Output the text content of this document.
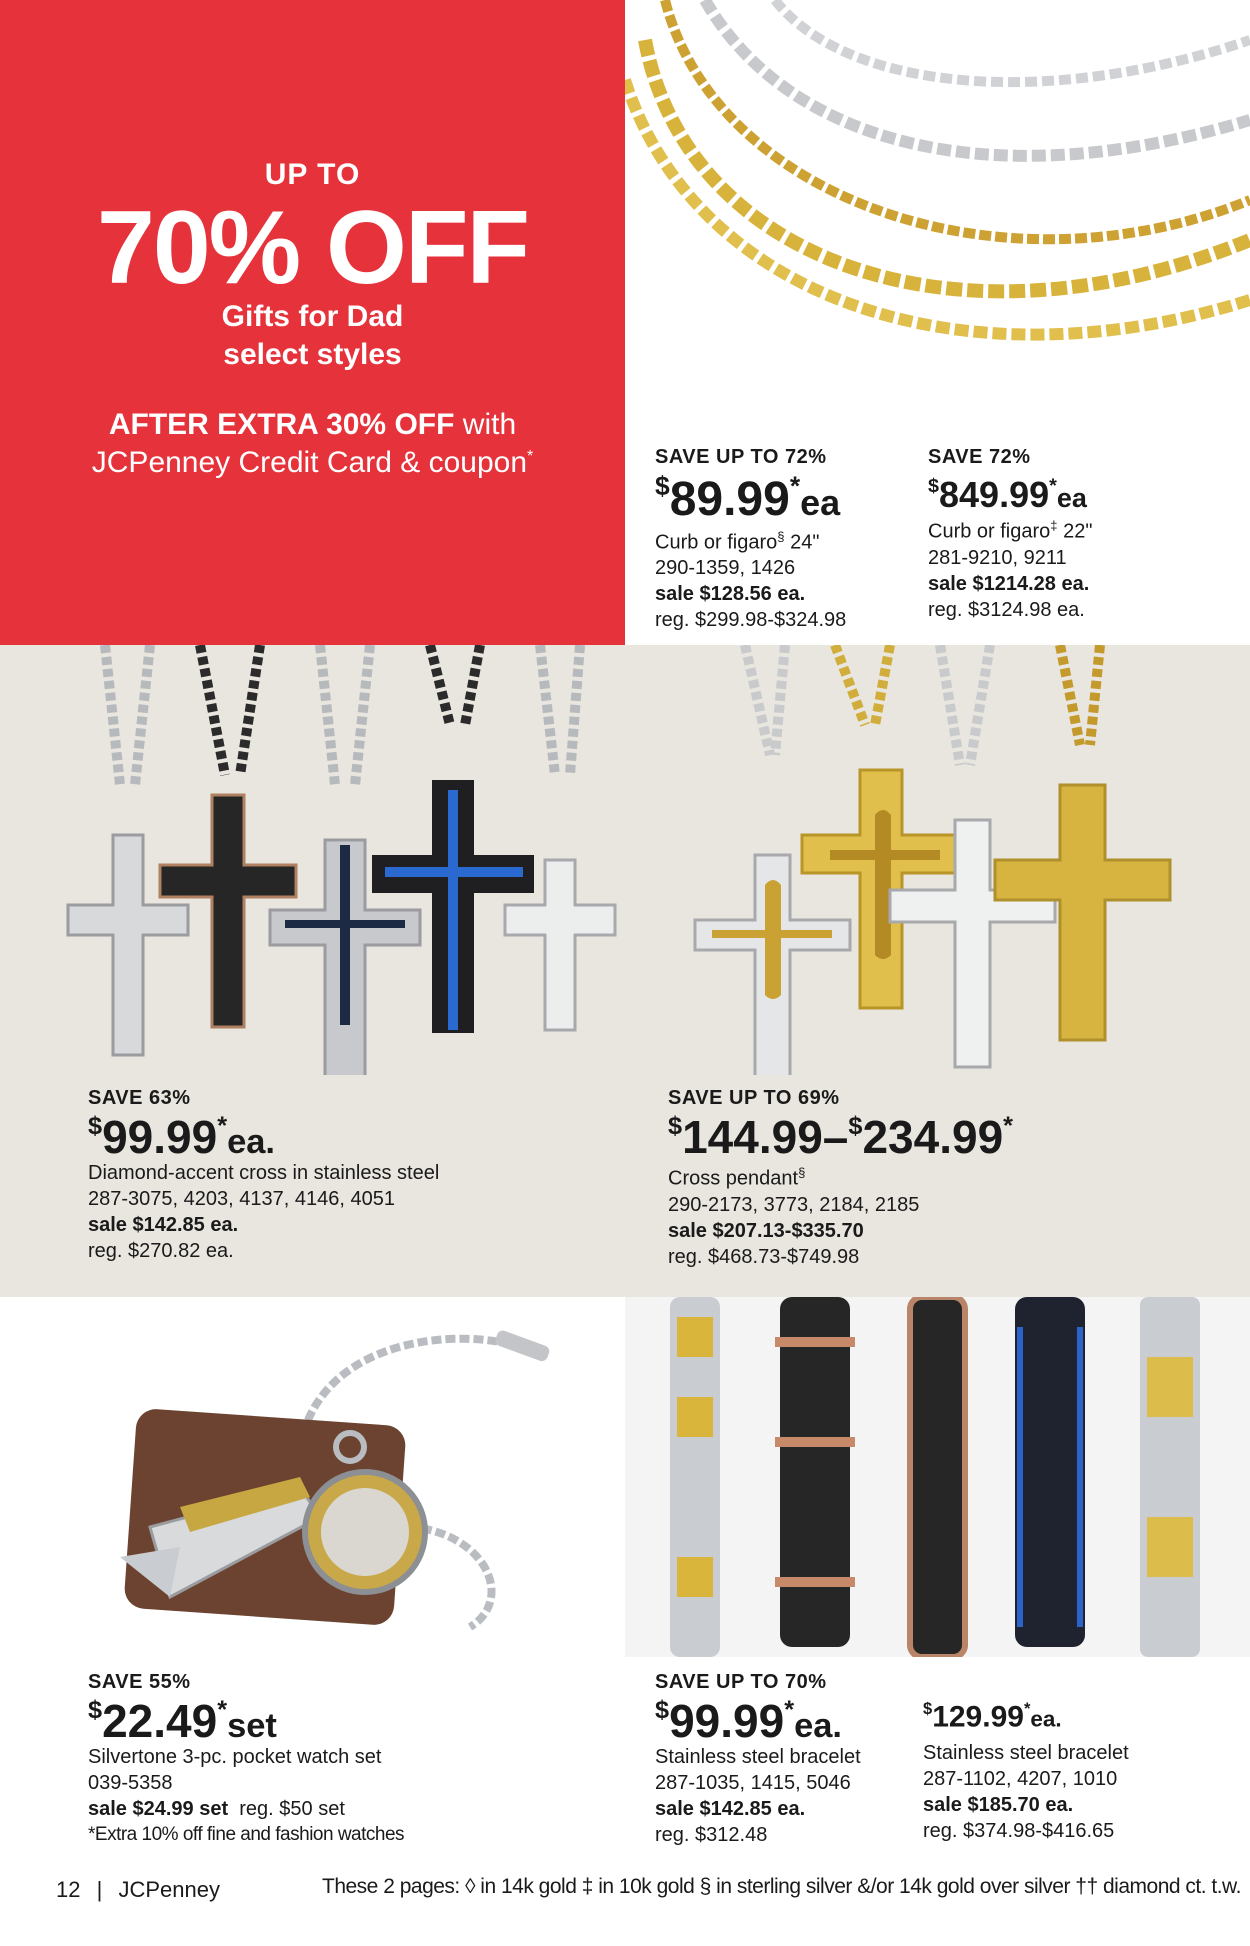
UP TO
70% OFF
Gifts for Dad
select styles
AFTER EXTRA 30% OFF with
JCPenney Credit Card & coupon*	SAVE UP TO 72%
$89.99*ea
Curb or figaro§ 24"
290-1359, 1426
sale $128.56 ea.
reg. $299.98-$324.98
SAVE 72%
$849.99*ea
Curb or figaro‡ 22"
281-9210, 9211
sale $1214.28 ea.
reg. $3124.98 ea.
SAVE 63%
$99.99*ea.
Diamond-accent cross in stainless steel
287-3075, 4203, 4137, 4146, 4051
sale $142.85 ea.
reg. $270.82 ea.
SAVE UP TO 69%
$144.99–$234.99*
Cross pendant§
290-2173, 3773, 2184, 2185
sale $207.13-$335.70
reg. $468.73-$749.98
SAVE 55%
$22.49*set
Silvertone 3-pc. pocket watch set
039-5358
sale $24.99 set reg. $50 set
*Extra 10% off fine and fashion watches
SAVE UP TO 70%
$99.99*ea.
Stainless steel bracelet
287-1035, 1415, 5046
sale $142.85 ea.
reg. $312.48
$129.99*ea.
Stainless steel bracelet
287-1102, 4207, 1010
sale $185.70 ea.
reg. $374.98-$416.65
12 | JCPenney	These 2 pages: ◊ in 14k gold ‡ in 10k gold § in sterling silver &/or 14k gold over silver †† diamond ct. t.w.
